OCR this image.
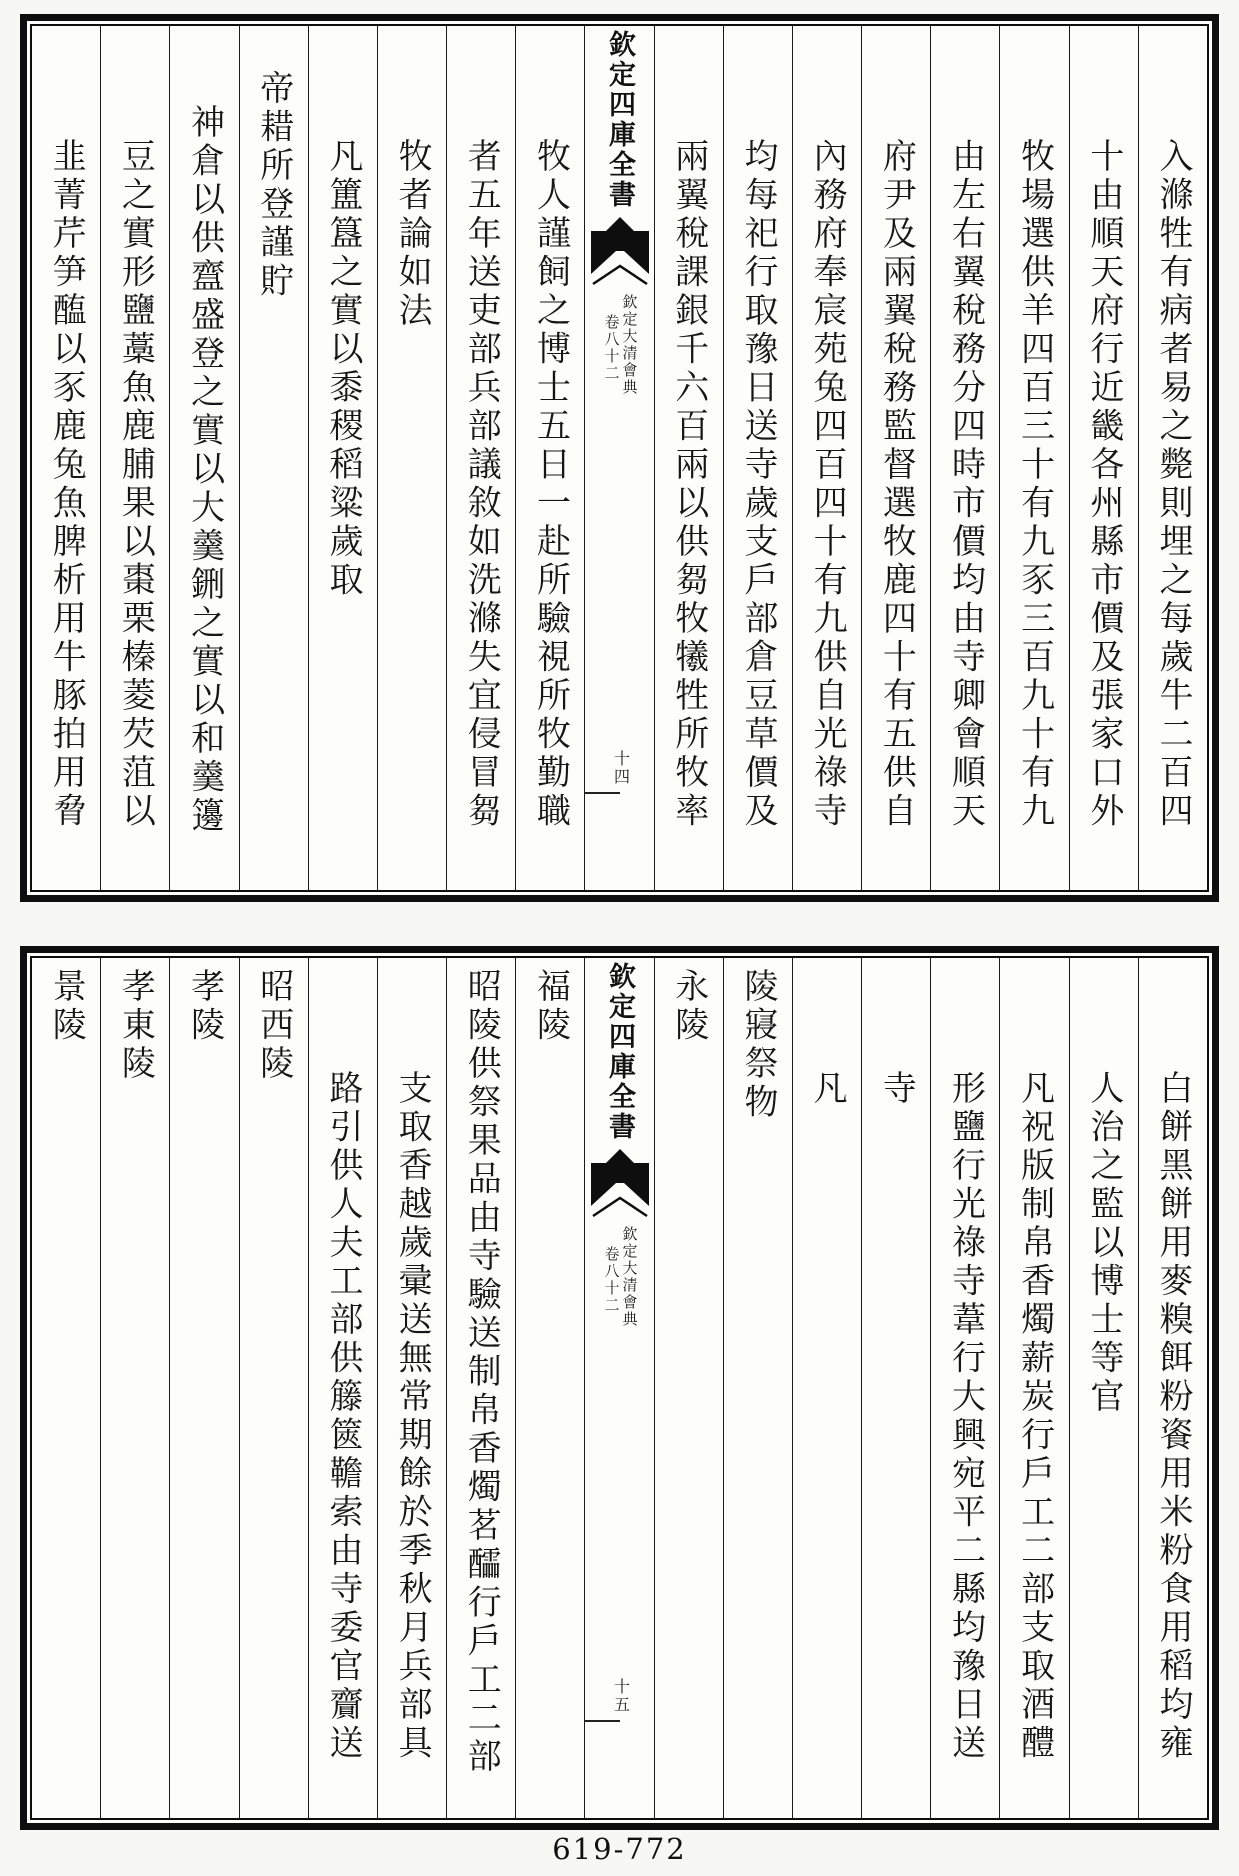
入滌牲有病者易之斃則埋之每歲牛二百四
十由順天府行近畿各州縣市價及張家口外
牧場選供羊四百三十有九豕三百九十有九
由左右翼稅務分四時市價均由寺卿會順天
府尹及兩翼稅務監督選牧鹿四十有五供自
內務府奉宸苑兔四百四十有九供自光祿寺
均每祀行取豫日送寺歲支戶部倉豆草價及
兩翼稅課銀千六百兩以供芻牧犧牲所牧率
欽定四庫全書
欽定大清會典
卷八十二
十四
牧人謹飼之博士五日一赴所驗視所牧勤職
者五年送吏部兵部議敘如洗滌失宜侵冒芻
牧者論如法
凡簠簋之實以黍稷稻粱歲取
帝耤所登謹貯
神倉以供齍盛登之實以大羹鉶之實以和羹籩
豆之實形鹽藁魚鹿脯果以棗栗榛菱芡菹以
韭菁芹笋醢以豕鹿兔魚脾析用牛豚拍用脅
白餅黑餅用麥糗餌粉餈用米粉食用稻均雍
人治之監以博士等官
凡祝版制帛香燭薪炭行戶工二部支取酒醴
形鹽行光祿寺葦行大興宛平二縣均豫日送
寺
凡
陵寢祭物
永陵
欽定四庫全書
欽定大清會典
卷八十二
十五
福陵
昭陵供祭果品由寺驗送制帛香燭茗醽行戶工二部
支取香越歲彚送無常期餘於季秋月兵部具
路引供人夫工部供籐篋韂索由寺委官齎送
昭西陵
孝陵
孝東陵
景陵
619-772
